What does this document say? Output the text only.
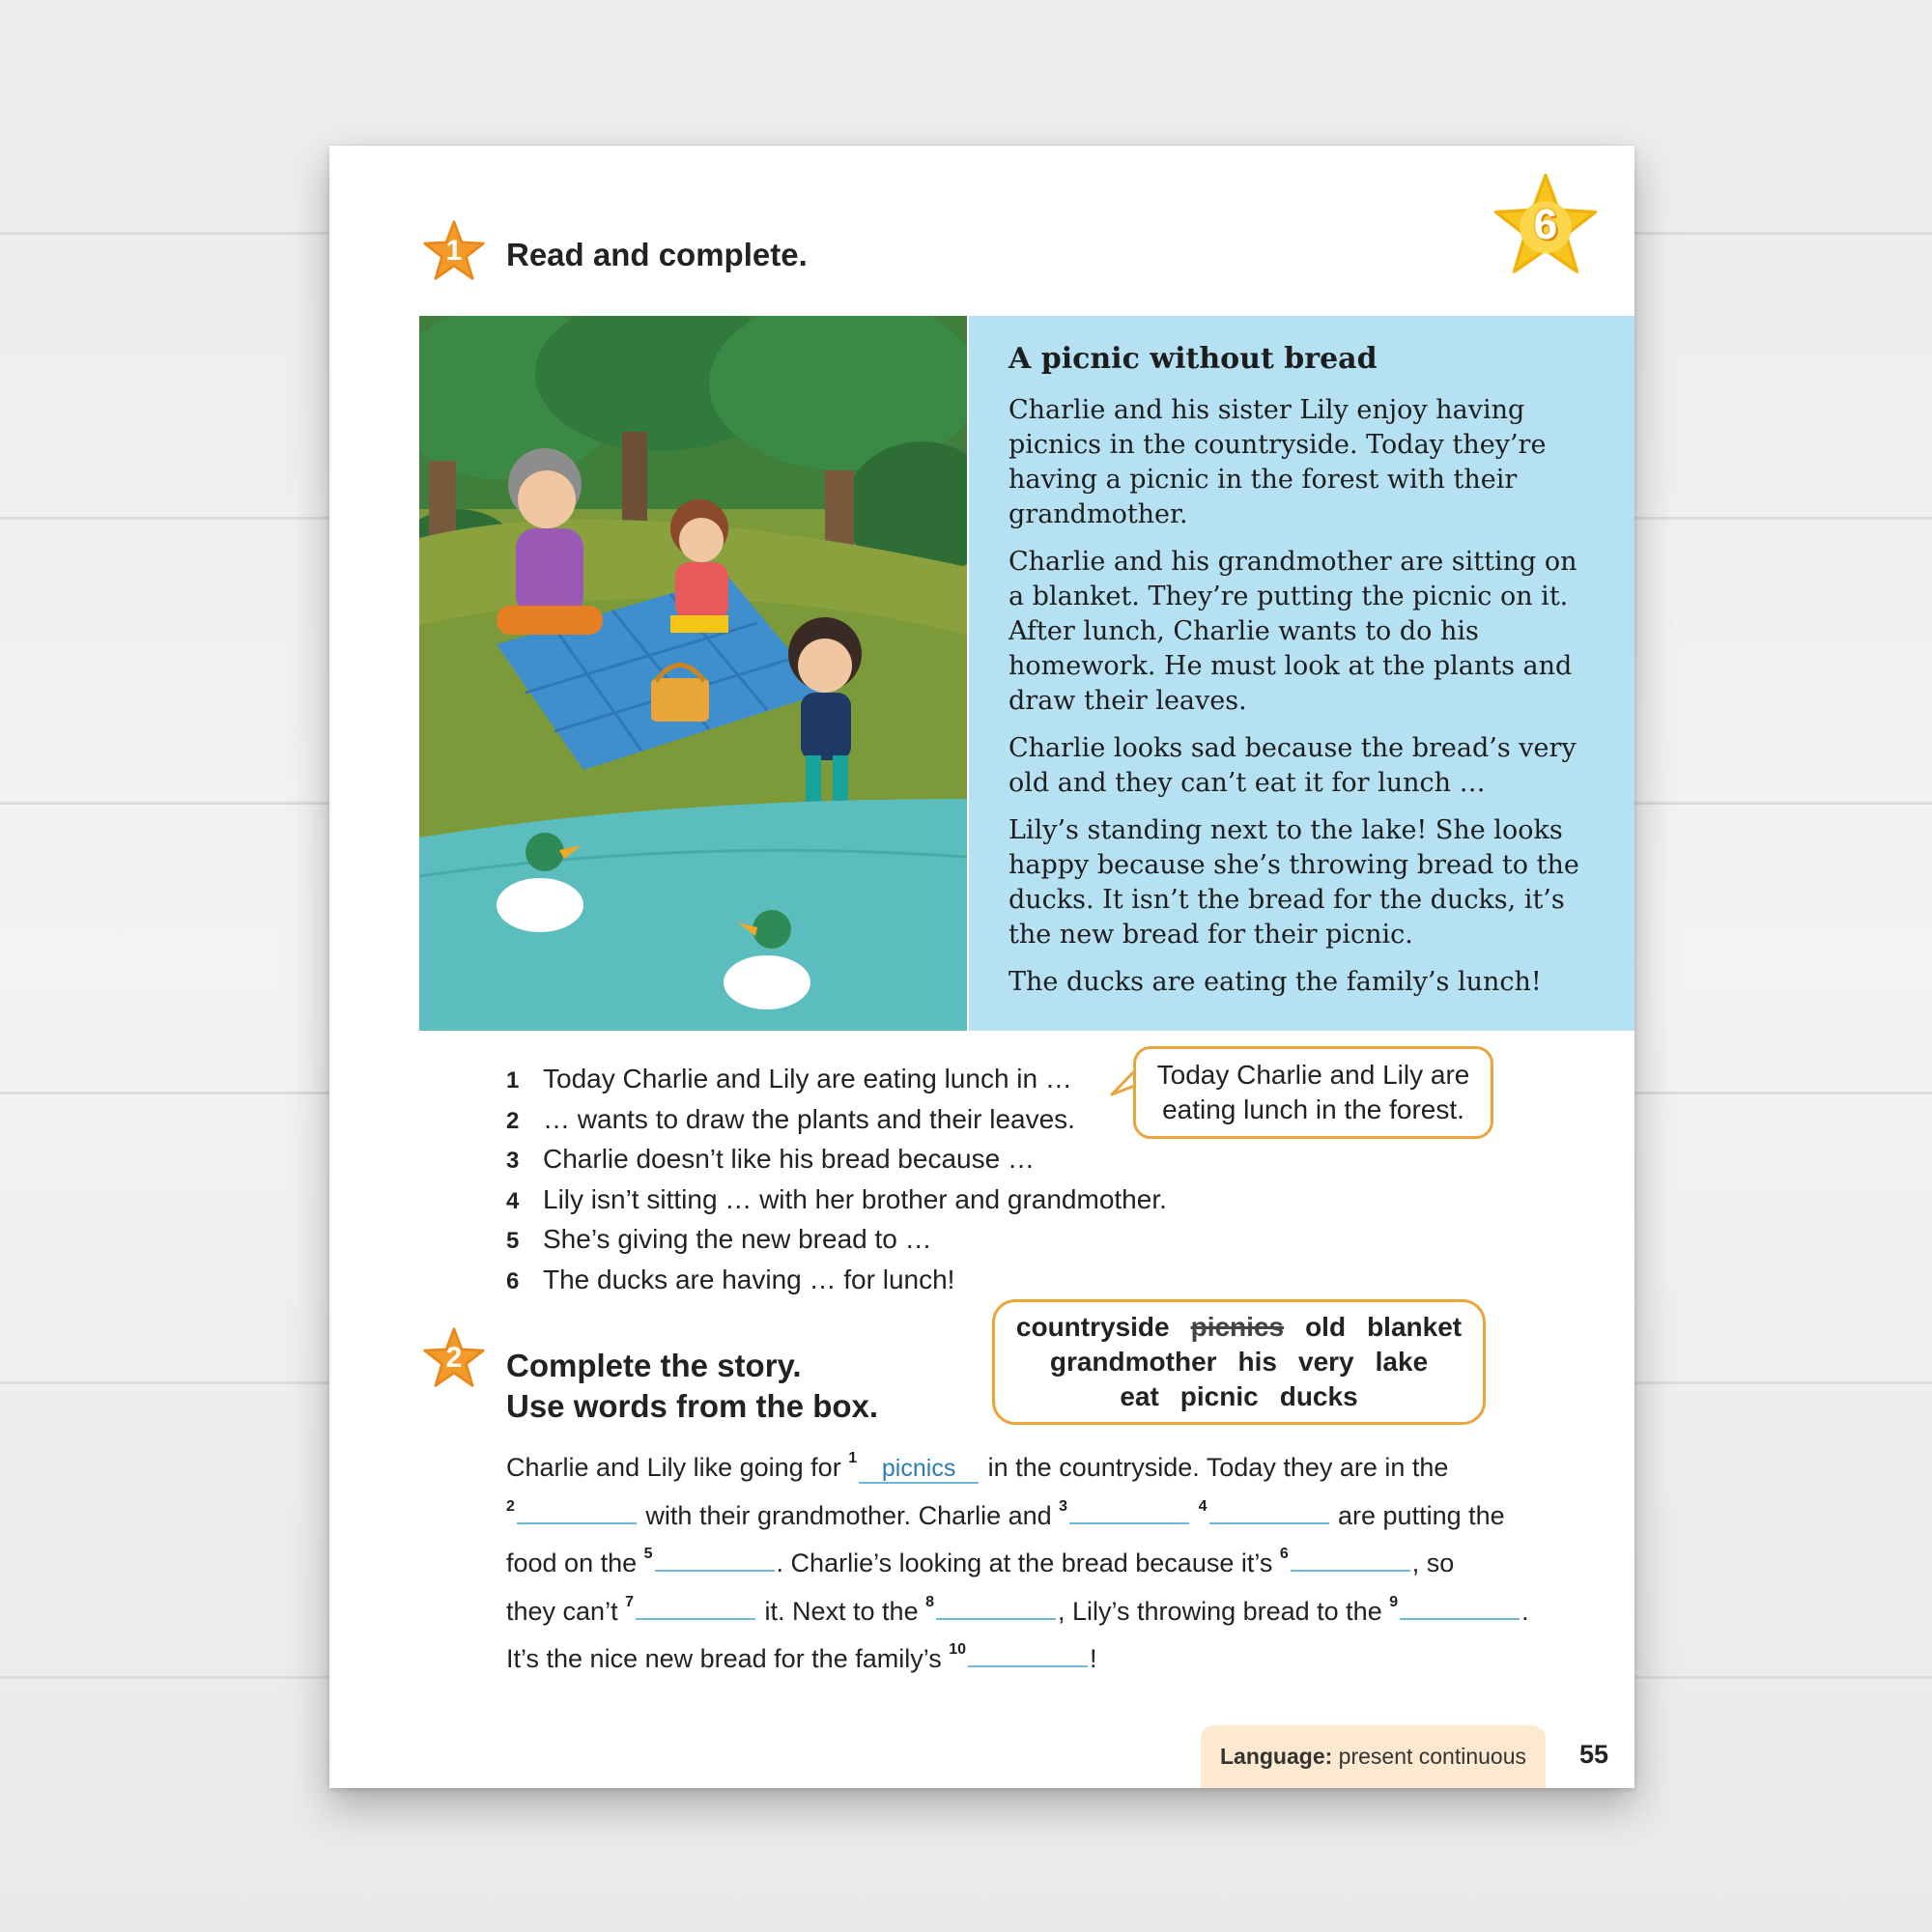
6
1	Read and complete.
A picnic without bread

Charlie and his sister Lily enjoy having picnics in the countryside. Today they’re having a picnic in the forest with their grandmother.

Charlie and his grandmother are sitting on a blanket. They’re putting the picnic on it. After lunch, Charlie wants to do his homework. He must look at the plants and draw their leaves.

Charlie looks sad because the bread’s very old and they can’t eat it for lunch …

Lily’s standing next to the lake! She looks happy because she’s throwing bread to the ducks. It isn’t the bread for the ducks, it’s the new bread for their picnic.

The ducks are eating the family’s lunch!

1 Today Charlie and Lily are eating lunch in …
2 … wants to draw the plants and their leaves.
3 Charlie doesn’t like his bread because …
4 Lily isn’t sitting … with her brother and grandmother.
5 She’s giving the new bread to …
6 The ducks are having … for lunch!
Today Charlie and Lily are
eating lunch in the forest.
2	Complete the story.
Use words from the box.
countryside picnics old blanket
grandmother his very lake
eat picnic ducks
Charlie and Lily like going for $^1$ picnics in the countryside. Today they are in the
$^2$	with their grandmother. Charlie and $^3$	$^4$	are putting the
food on the $^5$	. Charlie’s looking at the bread because it’s $^6$	, so
they can’t $^7$	it. Next to the $^8$	, Lily’s throwing bread to the $^9$	.
It’s the nice new bread for the family’s $^{10}$	!
Language:
present continuous 55
